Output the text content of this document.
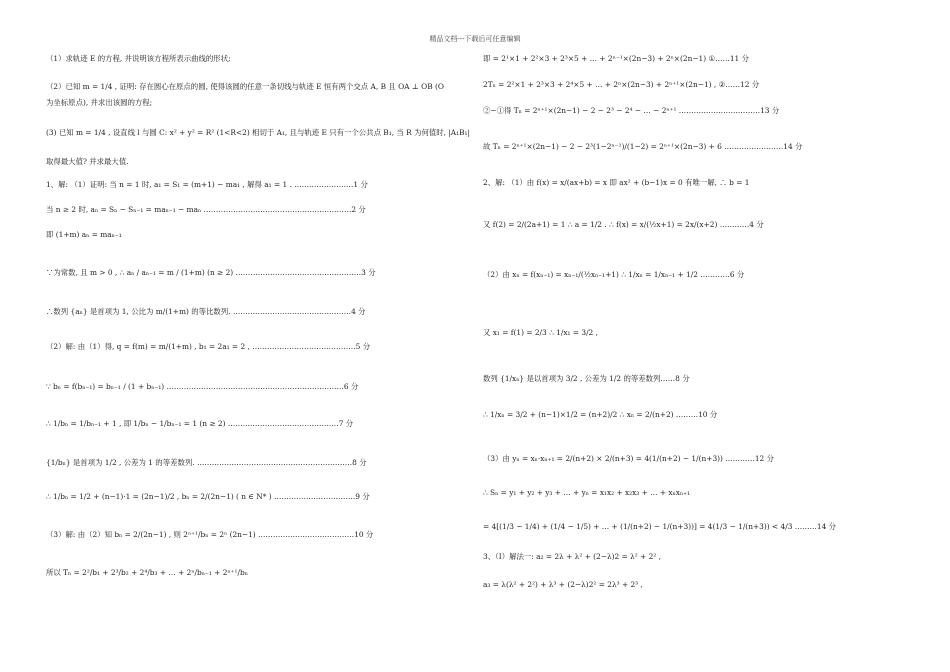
精品文档---下载后可任意编辑
（1）求轨迹 E 的方程, 并说明该方程所表示曲线的形状;
（2）已知 m = 1/4 , 证明: 存在圆心在原点的圆, 使得该圆的任意一条切线与轨迹 E 恒有两个交点 A, B 且 OA ⊥ OB (O
为坐标原点), 并求出该圆的方程;
(3) 已知 m = 1/4 , 设直线 l 与圆 C: x² + y² = R² (1<R<2) 相切于 A₁, 且与轨迹 E 只有一个公共点 B₁, 当 R 为何值时, |A₁B₁|
取得最大值? 并求最大值.
1、解: （1）证明: 当 n = 1 时, a₁ = S₁ = (m+1) − ma₁ , 解得 a₁ = 1 . ……………………1 分
当 n ≥ 2 时, aₙ = Sₙ − Sₙ₋₁ = maₙ₋₁ − maₙ ……………………………………………………2 分
即 (1+m) aₙ = maₙ₋₁
∵为常数, 且 m > 0 , ∴ aₙ / aₙ₋₁ = m / (1+m) (n ≥ 2) ……………………………………………3 分
∴数列 {aₙ} 是首项为 1, 公比为 m/(1+m) 的等比数列. …………………………………………4 分
（2）解: 由（1）得, q = f(m) = m/(1+m) , b₁ = 2a₁ = 2 , ……………………………………5 分
∵ bₙ = f(bₙ₋₁) = bₙ₋₁ / (1 + bₙ₋₁) ………………………………………………………………6 分
∴ 1/bₙ = 1/bₙ₋₁ + 1 , 即 1/bₙ − 1/bₙ₋₁ = 1 (n ≥ 2) ………………………………………7 分
{1/bₙ} 是首项为 1/2 , 公差为 1 的等差数列. ………………………………………………………8 分
∴ 1/bₙ = 1/2 + (n−1)·1 = (2n−1)/2 , bₙ = 2/(2n−1) ( n ∈ N* ) ……………………………9 分
（3）解: 由（2）知 bₙ = 2/(2n−1) , 则 2ⁿ⁺¹/bₙ = 2ⁿ (2n−1) …………………………………10 分
所以 Tₙ = 2²/b₁ + 2³/b₂ + 2⁴/b₃ + … + 2ⁿ/bₙ₋₁ + 2ⁿ⁺¹/bₙ
即 = 2¹×1 + 2²×3 + 2³×5 + … + 2ⁿ⁻¹×(2n−3) + 2ⁿ×(2n−1) ①……11 分
2Tₙ = 2²×1 + 2³×3 + 2⁴×5 + … + 2ⁿ×(2n−3) + 2ⁿ⁺¹×(2n−1) , ②……12 分
②−①得 Tₙ = 2ⁿ⁺¹×(2n−1) − 2 − 2³ − 2⁴ − … − 2ⁿ⁺¹ ……………………………13 分
故 Tₙ = 2ⁿ⁺¹×(2n−1) − 2 − 2³(1−2ⁿ⁻¹)/(1−2) = 2ⁿ⁺¹×(2n−3) + 6 ……………………14 分
2、解: （1）由 f(x) = x/(ax+b) = x 即 ax² + (b−1)x = 0 有唯一解, ∴ b = 1
又 f(2) = 2/(2a+1) = 1 ∴ a = 1/2 . ∴ f(x) = x/(½x+1) = 2x/(x+2) …………4 分
（2）由 xₙ = f(xₙ₋₁) = xₙ₋₁/(½xₙ₋₁+1) ∴ 1/xₙ = 1/xₙ₋₁ + 1/2 …………6 分
又 x₁ = f(1) = 2/3 ∴ 1/x₁ = 3/2 ,
数列 {1/xₙ} 是以首项为 3/2 , 公差为 1/2 的等差数列……8 分
∴ 1/xₙ = 3/2 + (n−1)×1/2 = (n+2)/2 ∴ xₙ = 2/(n+2) ………10 分
（3）由 yₙ = xₙ·xₙ₊₁ = 2/(n+2) × 2/(n+3) = 4(1/(n+2) − 1/(n+3)) …………12 分
∴ Sₙ = y₁ + y₂ + y₃ + … + yₙ = x₁x₂ + x₂x₃ + … + xₙxₙ₊₁
= 4[(1/3 − 1/4) + (1/4 − 1/5) + … + (1/(n+2) − 1/(n+3))] = 4(1/3 − 1/(n+3)) < 4/3 ………14 分
3、（Ⅰ）解法一: a₂ = 2λ + λ² + (2−λ)2 = λ² + 2² ,
a₃ = λ(λ² + 2²) + λ³ + (2−λ)2² = 2λ³ + 2³ ,
